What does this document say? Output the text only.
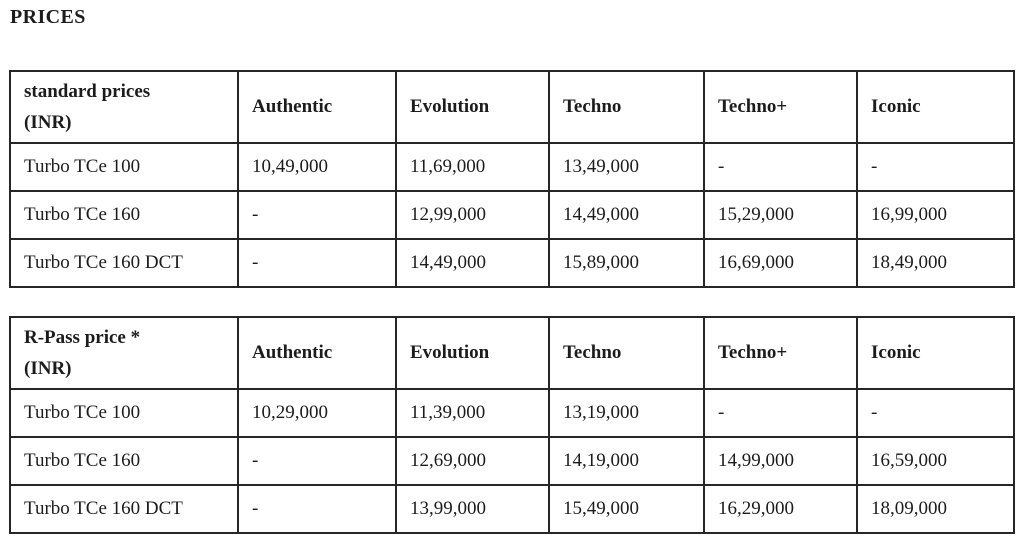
PRICES
standard prices
(INR)	Authentic	Evolution	Techno	Techno+	Iconic
Turbo TCe 100	10,49,000	11,69,000	13,49,000	-	-
Turbo TCe 160	-	12,99,000	14,49,000	15,29,000	16,99,000
Turbo TCe 160 DCT	-	14,49,000	15,89,000	16,69,000	18,49,000
R-Pass price *
(INR)	Authentic	Evolution	Techno	Techno+	Iconic
Turbo TCe 100	10,29,000	11,39,000	13,19,000	-	-
Turbo TCe 160	-	12,69,000	14,19,000	14,99,000	16,59,000
Turbo TCe 160 DCT	-	13,99,000	15,49,000	16,29,000	18,09,000
